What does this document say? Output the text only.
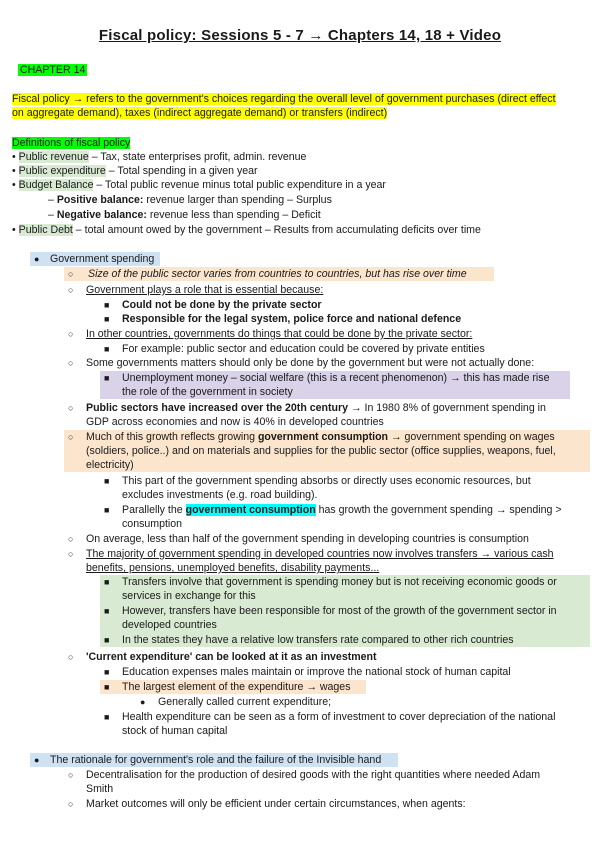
Fiscal policy: Sessions 5 - 7 → Chapters 14, 18 + Video
CHAPTER 14
Fiscal policy → refers to the government's choices regarding the overall level of government purchases (direct effect
on aggregate demand), taxes (indirect aggregate demand) or transfers (indirect)
Definitions of fiscal policy
• Public revenue – Tax, state enterprises profit, admin. revenue
• Public expenditure – Total spending in a given year
• Budget Balance – Total public revenue minus total public expenditure in a year
– Positive balance: revenue larger than spending – Surplus
– Negative balance: revenue less than spending – Deficit
• Public Debt – total amount owed by the government – Results from accumulating deficits over time
● Government spending
○ Size of the public sector varies from countries to countries, but has rise over time
○ Government plays a role that is essential because:
■ Could not be done by the private sector
■ Responsible for the legal system, police force and national defence
○ In other countries, governments do things that could be done by the private sector:
■ For example: public sector and education could be covered by private entities
○ Some governments matters should only be done by the government but were not actually done:
■ Unemployment money – social welfare (this is a recent phenomenon) → this has made rise
the role of the government in society
○ Public sectors have increased over the 20th century → In 1980 8% of government spending in
GDP across economies and now is 40% in developed countries
○ Much of this growth reflects growing government consumption → government spending on wages
(soldiers, police..) and on materials and supplies for the public sector (office supplies, weapons, fuel,
electricity)
■ This part of the government spending absorbs or directly uses economic resources, but
excludes investments (e.g. road building).
■ Parallelly the government consumption has growth the government spending → spending >
consumption
○ On average, less than half of the government spending in developing countries is consumption
○ The majority of government spending in developed countries now involves transfers → various cash
benefits, pensions, unemployed benefits, disability payments...
■ Transfers involve that government is spending money but is not receiving economic goods or
services in exchange for this
■ However, transfers have been responsible for most of the growth of the government sector in
developed countries
■ In the states they have a relative low transfers rate compared to other rich countries
○ 'Current expenditure' can be looked at it as an investment
■ Education expenses males maintain or improve the national stock of human capital
■ The largest element of the expenditure → wages
● Generally called current expenditure;
■ Health expenditure can be seen as a form of investment to cover depreciation of the national
stock of human capital
● The rationale for government's role and the failure of the Invisible hand
○ Decentralisation for the production of desired goods with the right quantities where needed Adam
Smith
○ Market outcomes will only be efficient under certain circumstances, when agents:
